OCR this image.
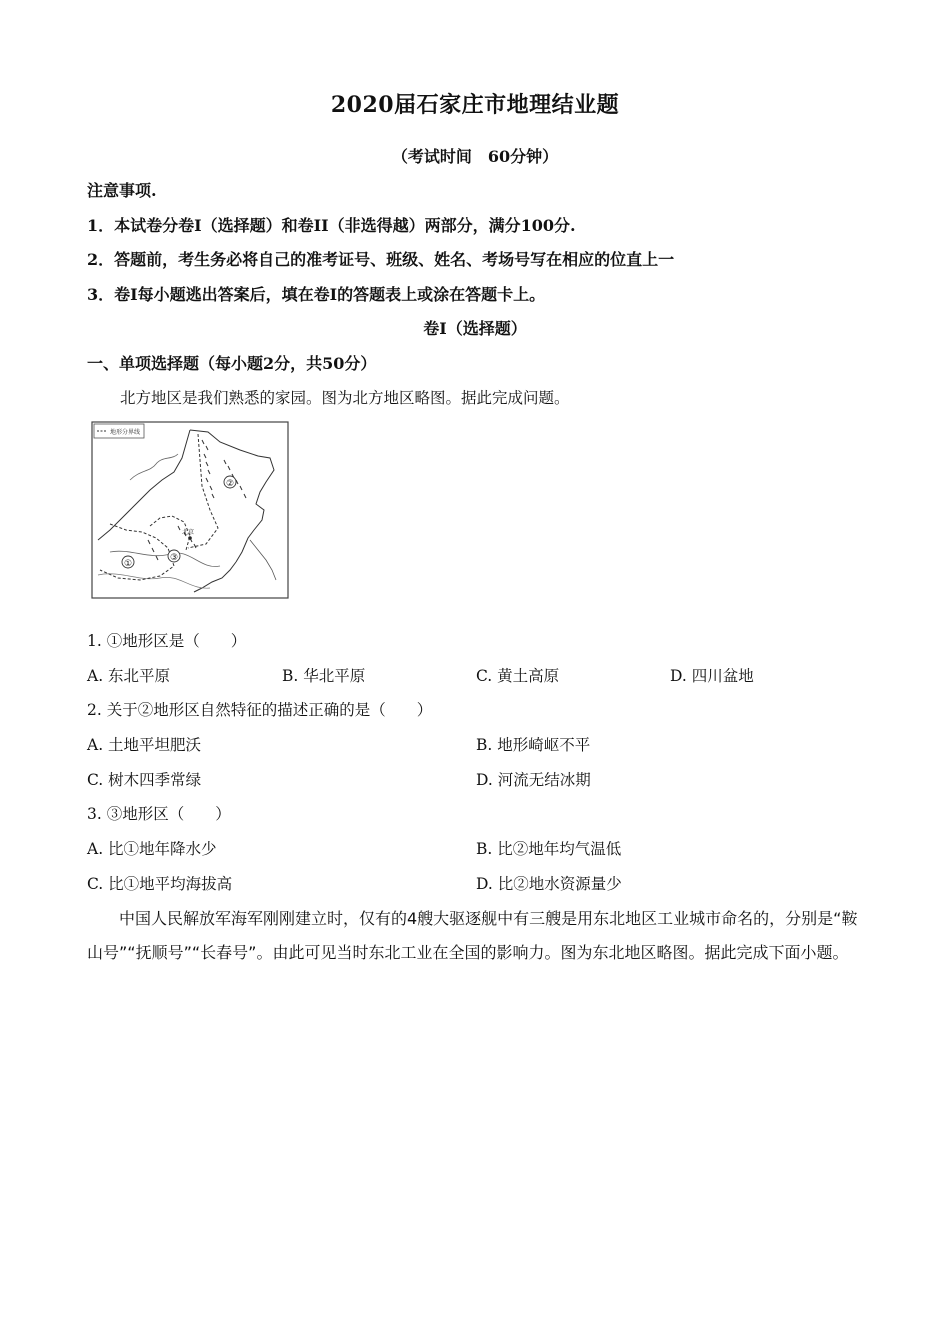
2020届石家庄市地理结业题
（考试时间　60分钟）
注意事项.
1．本试卷分卷Ⅰ（选择题）和卷II（非选得越）两部分，满分100分.
2．答题前，考生务必将自己的准考证号、班级、姓名、考场号写在相应的位直上一
3．卷Ⅰ每小题逃出答案后，填在卷Ⅰ的答题表上或涂在答题卡上。
卷Ⅰ（选择题）
一、单项选择题（每小题2分，共50分）
北方地区是我们熟悉的家园。图为北方地区略图。据此完成问题。
地形分界线
②
①
③
北京
1. ①地形区是（　　）
A. 东北平原	B. 华北平原	C. 黄土高原	D. 四川盆地
2. 关于②地形区自然特征的描述正确的是（　　）
A. 土地平坦肥沃	B. 地形崎岖不平
C. 树木四季常绿	D. 河流无结冰期
3. ③地形区（　　）
A. 比①地年降水少	B. 比②地年均气温低
C. 比①地平均海拔高	D. 比②地水资源量少
中国人民解放军海军刚刚建立时，仅有的4艘大驱逐舰中有三艘是用东北地区工业城市命名的，分别是“鞍山号”“抚顺号”“长春号”。由此可见当时东北工业在全国的影响力。图为东北地区略图。据此完成下面小题。
